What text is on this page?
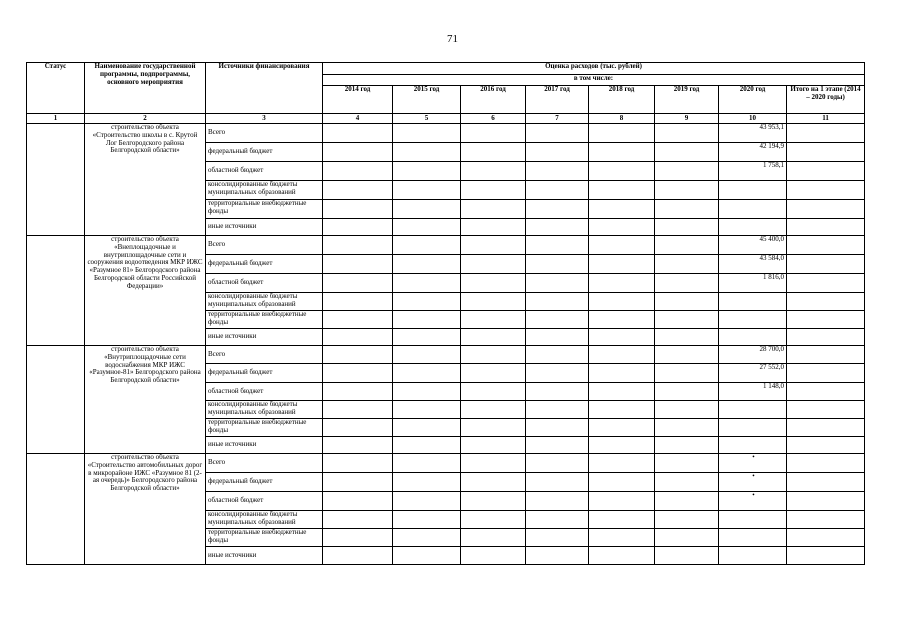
71
Статус	Наименование государственной программы, подпрограммы, основного мероприятия	Источники финансирования	Оценка расходов (тыс. рублей)							
			в том числе:							
			2014 год	2015 год	2016 год	2017 год	2018 год	2019 год	2020 год	Итого на 1 этапе (2014 – 2020 годы)
1	2	3	4	5	6	7	8	9	10	11
	строительство объекта «Строительство школы в с. Крутой Лог Белгородского района Белгородской области»	Всего							43 953,1	
		федеральный бюджет							42 194,9	
		областной бюджет							1 758,1	
		консолидированные бюджеты муниципальных образований								
		территориальные внебюджетные фонды								
		иные источники								
	строительство объекта «Внеплощадочные и внутриплощадочные сети и сооружения водоотведения МКР ИЖС «Разумное 81» Белгородского района Белгородской области Российской Федерации»	Всего							45 400,0	
		федеральный бюджет							43 584,0	
		областной бюджет							1 816,0	
		консолидированные бюджеты муниципальных образований								
		территориальные внебюджетные фонды								
		иные источники								
	строительство объекта «Внутриплощадочные сети водоснабжения МКР ИЖС «Разумное-81» Белгородского района Белгородской области»	Всего							28 700,0	
		федеральный бюджет							27 552,0	
		областной бюджет							1 148,0	
		консолидированные бюджеты муниципальных образований								
		территориальные внебюджетные фонды								
		иные источники								
	строительство объекта «Строительство автомобильных дорог в микрорайоне ИЖС «Разумное 81 (2-ая очередь)» Белгородского района Белгородской области»	Всего							•	
		федеральный бюджет							•	
		областной бюджет							•	
		консолидированные бюджеты муниципальных образований								
		территориальные внебюджетные фонды								
		иные источники								
